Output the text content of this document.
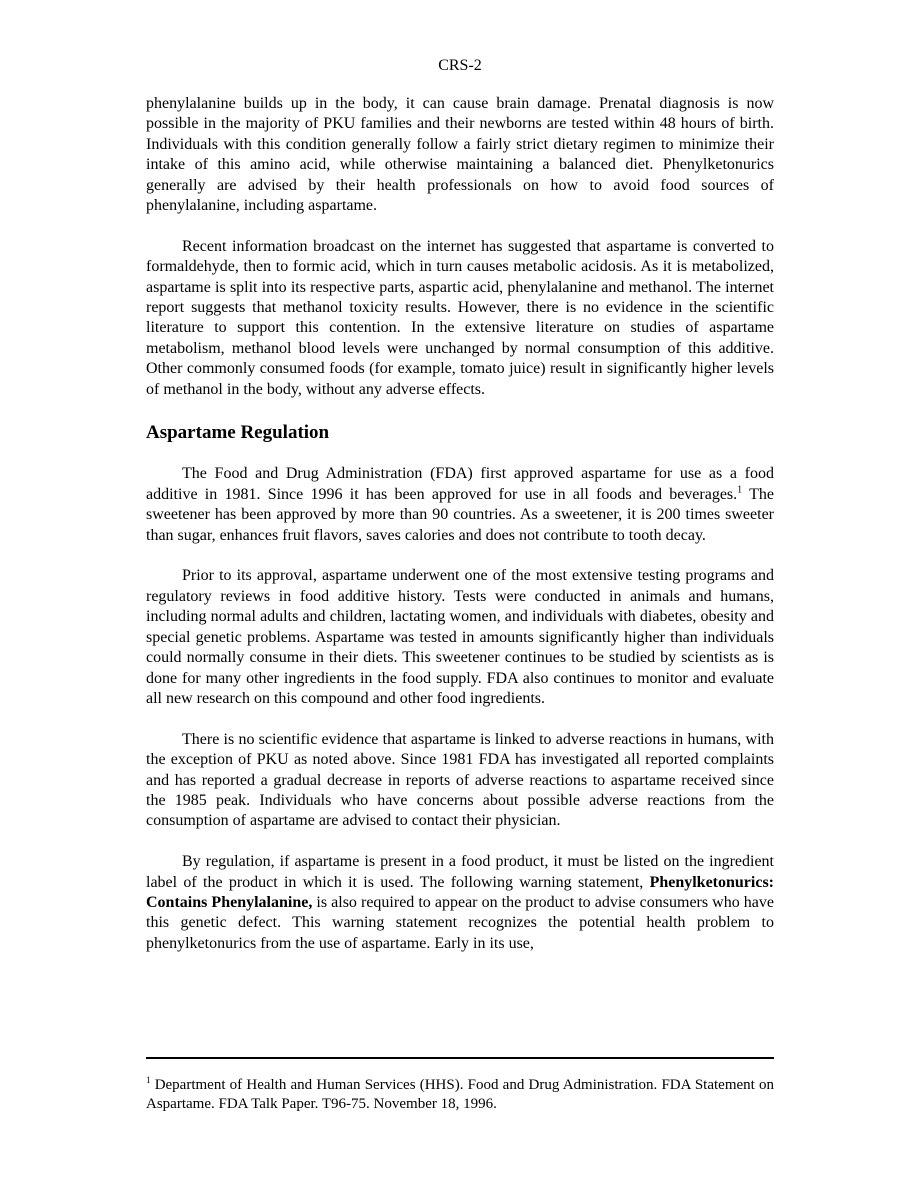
CRS-2

phenylalanine builds up in the body, it can cause brain damage. Prenatal diagnosis is now possible in the majority of PKU families and their newborns are tested within 48 hours of birth. Individuals with this condition generally follow a fairly strict dietary regimen to minimize their intake of this amino acid, while otherwise maintaining a balanced diet. Phenylketonurics generally are advised by their health professionals on how to avoid food sources of phenylalanine, including aspartame.

Recent information broadcast on the internet has suggested that aspartame is converted to formaldehyde, then to formic acid, which in turn causes metabolic acidosis. As it is metabolized, aspartame is split into its respective parts, aspartic acid, phenylalanine and methanol. The internet report suggests that methanol toxicity results. However, there is no evidence in the scientific literature to support this contention. In the extensive literature on studies of aspartame metabolism, methanol blood levels were unchanged by normal consumption of this additive. Other commonly consumed foods (for example, tomato juice) result in significantly higher levels of methanol in the body, without any adverse effects.

Aspartame Regulation

The Food and Drug Administration (FDA) first approved aspartame for use as a food additive in 1981. Since 1996 it has been approved for use in all foods and beverages.$^1$ The sweetener has been approved by more than 90 countries. As a sweetener, it is 200 times sweeter than sugar, enhances fruit flavors, saves calories and does not contribute to tooth decay.

Prior to its approval, aspartame underwent one of the most extensive testing programs and regulatory reviews in food additive history. Tests were conducted in animals and humans, including normal adults and children, lactating women, and individuals with diabetes, obesity and special genetic problems. Aspartame was tested in amounts significantly higher than individuals could normally consume in their diets. This sweetener continues to be studied by scientists as is done for many other ingredients in the food supply. FDA also continues to monitor and evaluate all new research on this compound and other food ingredients.

There is no scientific evidence that aspartame is linked to adverse reactions in humans, with the exception of PKU as noted above. Since 1981 FDA has investigated all reported complaints and has reported a gradual decrease in reports of adverse reactions to aspartame received since the 1985 peak. Individuals who have concerns about possible adverse reactions from the consumption of aspartame are advised to contact their physician.

By regulation, if aspartame is present in a food product, it must be listed on the ingredient label of the product in which it is used. The following warning statement, Phenylketonurics: Contains Phenylalanine, is also required to appear on the product to advise consumers who have this genetic defect. This warning statement recognizes the potential health problem to phenylketonurics from the use of aspartame. Early in its use,

$^1$ Department of Health and Human Services (HHS). Food and Drug Administration. FDA Statement on Aspartame. FDA Talk Paper. T96-75. November 18, 1996.
